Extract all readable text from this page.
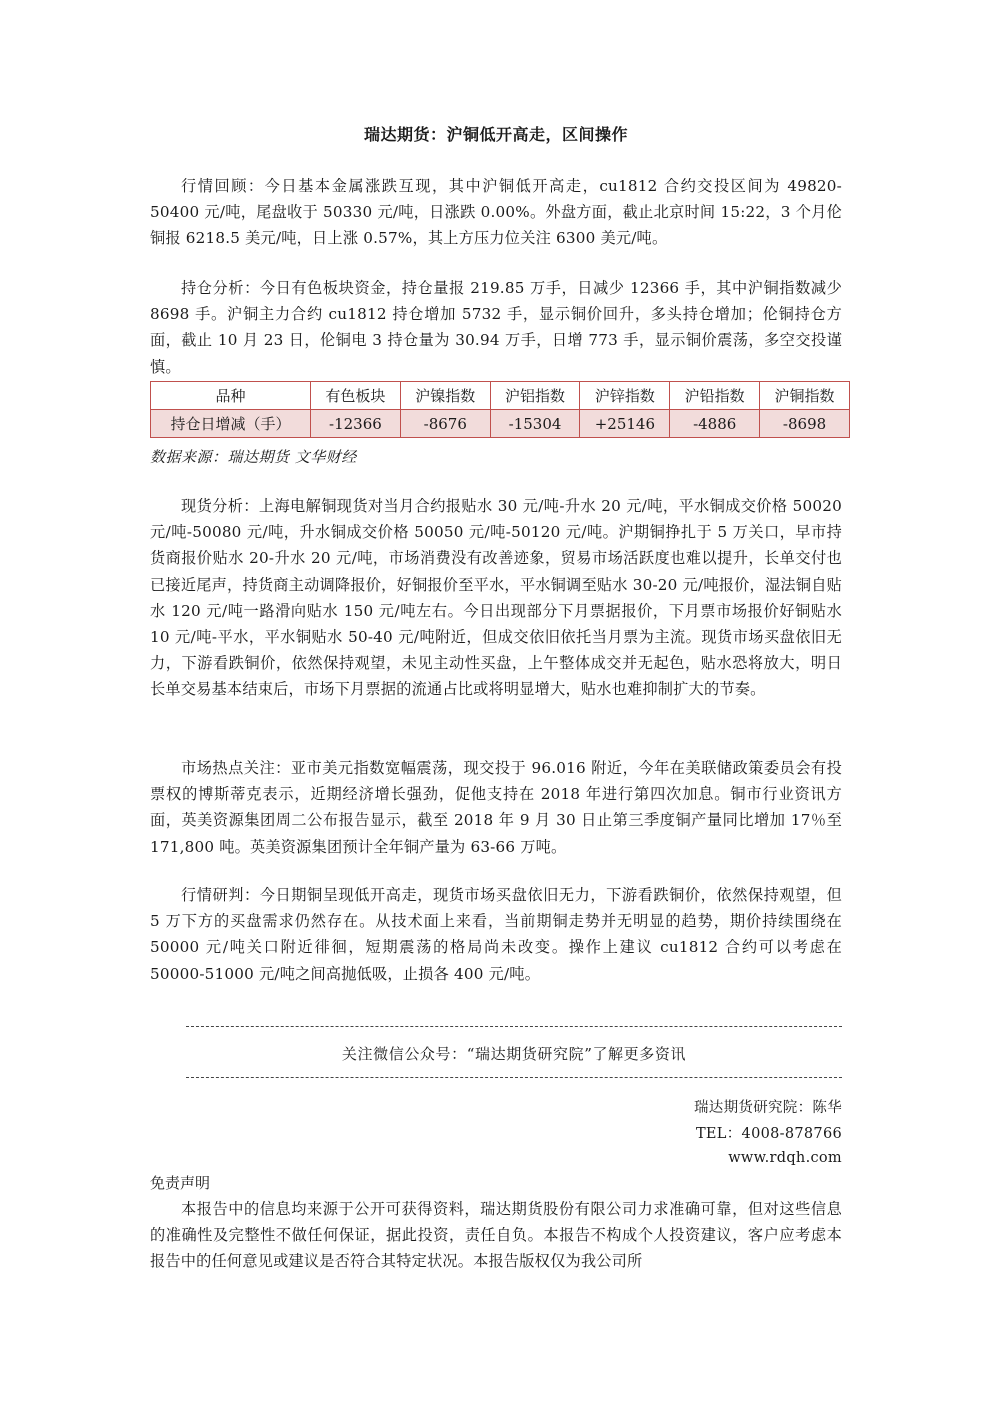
瑞达期货：沪铜低开高走，区间操作

行情回顾：今日基本金属涨跌互现，其中沪铜低开高走，cu1812 合约交投区间为 49820-50400 元/吨，尾盘收于 50330 元/吨，日涨跌 0.00%。外盘方面，截止北京时间 15:22，3 个月伦铜报 6218.5 美元/吨，日上涨 0.57%，其上方压力位关注 6300 美元/吨。

持仓分析：今日有色板块资金，持仓量报 219.85 万手，日减少 12366 手，其中沪铜指数减少 8698 手。沪铜主力合约 cu1812 持仓增加 5732 手，显示铜价回升，多头持仓增加；伦铜持仓方面，截止 10 月 23 日，伦铜电 3 持仓量为 30.94 万手，日增 773 手，显示铜价震荡，多空交投谨慎。

品种	有色板块	沪镍指数	沪铝指数	沪锌指数	沪铅指数	沪铜指数
持仓日增减（手）	-12366	-8676	-15304	+25146	-4886	-8698
数据来源：瑞达期货 文华财经

现货分析：上海电解铜现货对当月合约报贴水 30 元/吨-升水 20 元/吨，平水铜成交价格 50020 元/吨-50080 元/吨，升水铜成交价格 50050 元/吨-50120 元/吨。沪期铜挣扎于 5 万关口，早市持货商报价贴水 20-升水 20 元/吨，市场消费没有改善迹象，贸易市场活跃度也难以提升，长单交付也已接近尾声，持货商主动调降报价，好铜报价至平水，平水铜调至贴水 30-20 元/吨报价，湿法铜自贴水 120 元/吨一路滑向贴水 150 元/吨左右。今日出现部分下月票据报价，下月票市场报价好铜贴水 10 元/吨-平水，平水铜贴水 50-40 元/吨附近，但成交依旧依托当月票为主流。现货市场买盘依旧无力，下游看跌铜价，依然保持观望，未见主动性买盘，上午整体成交并无起色，贴水恐将放大，明日长单交易基本结束后，市场下月票据的流通占比或将明显增大，贴水也难抑制扩大的节奏。

市场热点关注：亚市美元指数宽幅震荡，现交投于 96.016 附近，今年在美联储政策委员会有投票权的博斯蒂克表示，近期经济增长强劲，促他支持在 2018 年进行第四次加息。铜市行业资讯方面，英美资源集团周二公布报告显示，截至 2018 年 9 月 30 日止第三季度铜产量同比增加 17％至 171,800 吨。英美资源集团预计全年铜产量为 63-66 万吨。

行情研判：今日期铜呈现低开高走，现货市场买盘依旧无力，下游看跌铜价，依然保持观望，但 5 万下方的买盘需求仍然存在。从技术面上来看，当前期铜走势并无明显的趋势，期价持续围绕在 50000 元/吨关口附近徘徊，短期震荡的格局尚未改变。操作上建议 cu1812 合约可以考虑在 50000-51000 元/吨之间高抛低吸，止损各 400 元/吨。

关注微信公众号：“瑞达期货研究院”了解更多资讯
瑞达期货研究院：陈华
TEL：4008-878766
www.rdqh.com
免责声明

本报告中的信息均来源于公开可获得资料，瑞达期货股份有限公司力求准确可靠，但对这些信息的准确性及完整性不做任何保证，据此投资，责任自负。本报告不构成个人投资建议，客户应考虑本报告中的任何意见或建议是否符合其特定状况。本报告版权仅为我公司所
